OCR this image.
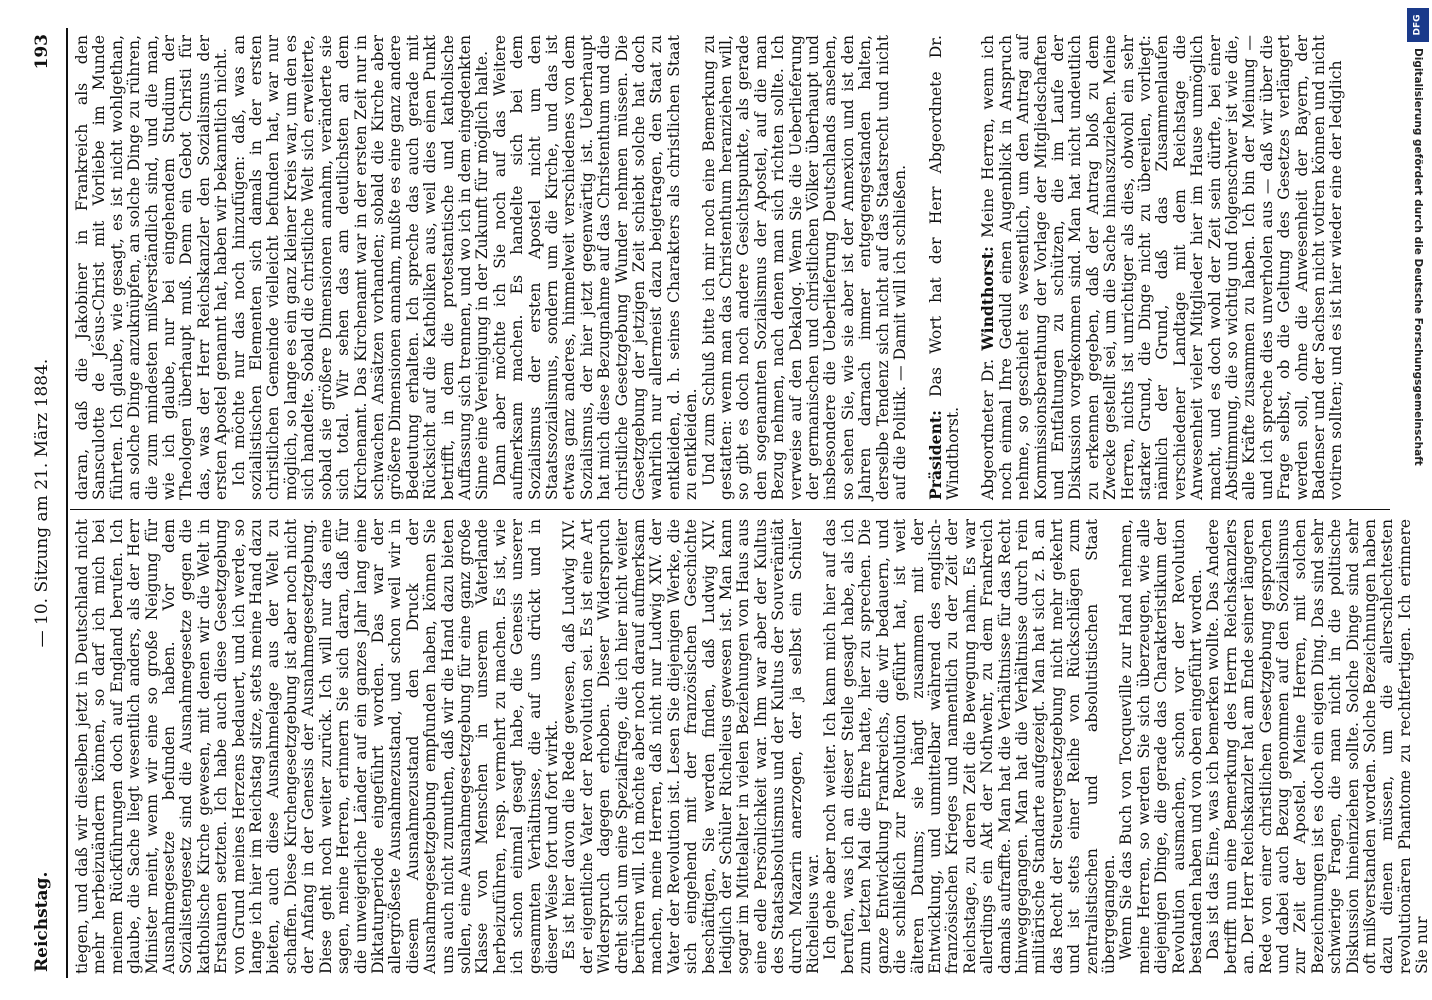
Reichstag.
— 10. Sitzung am 21. März 1884.
193

tiegen, und daß wir dieselben jetzt in Deutschland nicht mehr herbeizuändern können, so darf ich mich bei meinem Rückführungen doch auf England berufen. Ich glaube, die Sache liegt wesentlich anders, als der Herr Minister meint, wenn wir eine so große Neigung für Ausnahmegesetze befunden haben. Vor dem Sozialistengesetz sind die Ausnahmegesetze gegen die katholische Kirche gewesen, mit denen wir die Welt in Erstaunen setzten. Ich habe auch diese Gesetzgebung von Grund meines Herzens bedauert, und ich werde, so lange ich hier im Reichstag sitze, stets meine Hand dazu bieten, auch diese Ausnahmelage aus der Welt zu schaffen. Diese Kirchengesetzgebung ist aber noch nicht der Anfang in der Genesis der Ausnahmegesetzgebung. Diese geht noch weiter zurück. Ich will nur das eine sagen, meine Herren, erinnern Sie sich daran, daß für die unweigerliche Länder auf ein ganzes Jahr lang eine Diktaturperiode eingeführt worden. Das war der allergrößeste Ausnahmezustand, und schon weil wir in diesem Ausnahmezustand den Druck der Ausnahmegesetzgebung empfunden haben, können Sie uns auch nicht zumuthen, daß wir die Hand dazu bieten sollen, eine Ausnahmegesetzgebung für eine ganz große Klasse von Menschen in unserem Vaterlande herbeizuführen, resp. vermehrt zu machen. Es ist, wie ich schon einmal gesagt habe, die Genesis unserer gesammten Verhältnisse, die auf uns drückt und in dieser Weise fort und fort wirkt. Es ist hier davon die Rede gewesen, daß Ludwig XIV. der eigentliche Vater der Revolution sei. Es ist eine Art Widerspruch dagegen erhoben. Dieser Widerspruch dreht sich um eine Spezialfrage, die ich hier nicht weiter berühren will. Ich möchte aber noch darauf aufmerksam machen, meine Herren, daß nicht nur Ludwig XIV. der Vater der Revolution ist. Lesen Sie diejenigen Werke, die sich eingehend mit der französischen Geschichte beschäftigen, Sie werden finden, daß Ludwig XIV. lediglich der Schüler Richelieus gewesen ist. Man kann sogar im Mittelalter in vielen Beziehungen von Haus aus eine edle Persönlichkeit war. Ihm war aber der Kultus des Staatsabsolutismus und der Kultus der Souveränität durch Mazarin anerzogen, der ja selbst ein Schüler Richelieus war. Ich gehe aber noch weiter. Ich kann mich hier auf das berufen, was ich an dieser Stelle gesagt habe, als ich zum letzten Mal die Ehre hatte, hier zu sprechen. Die ganze Entwicklung Frankreichs, die wir bedauern, und die schließlich zur Revolution geführt hat, ist weit älteren Datums; sie hängt zusammen mit der Entwicklung, und unmittelbar während des englisch-französischen Krieges und namentlich zu der Zeit der Reichstage, zu deren Zeit die Bewegung nahm. Es war allerdings ein Akt der Nothwehr, zu dem Frankreich damals aufraffte. Man hat die Verhältnisse für das Recht hinweggegangen. Man hat die Verhältnisse durch rein militärische Standarte aufgezeigt. Man hat sich z. B. an das Recht der Steuergesetzgebung nicht mehr gekehrt und ist stets einer Reihe von Rückschlägen zum zentralistischen und absolutistischen Staat übergegangen. Wenn Sie das Buch von Tocqueville zur Hand nehmen, meine Herren, so werden Sie sich überzeugen, wie alle diejenigen Dinge, die gerade das Charakteristikum der Revolution ausmachen, schon vor der Revolution bestanden haben und von oben eingeführt worden. Das ist das Eine, was ich bemerken wollte. Das Andere betrifft nun eine Bemerkung des Herrn Reichskanzlers an. Der Herr Reichskanzler hat am Ende seiner längeren Rede von einer christlichen Gesetzgebung gesprochen und dabei auch Bezug genommen auf den Sozialismus zur Zeit der Apostel. Meine Herren, mit solchen Bezeichnungen ist es doch ein eigen Ding. Das sind sehr schwierige Fragen, die man nicht in die politische Diskussion hineinziehen sollte. Solche Dinge sind sehr oft mißverstanden worden. Solche Bezeichnungen haben dazu dienen müssen, um die allerschlechtesten revolutionären Phantome zu rechtfertigen. Ich erinnere Sie nur

daran, daß die Jakobiner in Frankreich als den Sansculotte de Jésus-Christ mit Vorliebe im Munde führten. Ich glaube, wie gesagt, es ist nicht wohlgethan, an solche Dinge anzuknüpfen, an solche Dinge zu rühren, die zum mindesten mißverständlich sind, und die man, wie ich glaube, nur bei eingehendem Studium der Theologen überhaupt muß. Denn ein Gebot Christi für das, was der Herr Reichskanzler den Sozialismus der ersten Apostel genannt hat, haben wir bekanntlich nicht. Ich möchte nur das noch hinzufügen: daß, was an sozialistischen Elementen sich damals in der ersten christlichen Gemeinde vielleicht befunden hat, war nur möglich, so lange es ein ganz kleiner Kreis war, um den es sich handelte. Sobald die christliche Welt sich erweiterte, sobald sie größere Dimensionen annahm, veränderte sie sich total. Wir sehen das am deutlichsten an dem Kirchenamt. Das Kirchenamt war in der ersten Zeit nur in schwachen Ansätzen vorhanden; sobald die Kirche aber größere Dimensionen annahm, mußte es eine ganz andere Bedeutung erhalten. Ich spreche das auch gerade mit Rücksicht auf die Katholiken aus, weil dies einen Punkt betrifft, in dem die protestantische und katholische Auffassung sich trennen, und wo ich in dem eingedenkten Sinne eine Vereinigung in der Zukunft für möglich halte. Dann aber möchte ich Sie noch auf das Weitere aufmerksam machen. Es handelte sich bei dem Sozialismus der ersten Apostel nicht um den Staatssozialismus, sondern um die Kirche, und das ist etwas ganz anderes, himmelweit verschiedenes von dem Sozialismus, der hier jetzt gegenwärtig ist. Ueberhaupt hat mich diese Bezugnahme auf das Christenthum und die christliche Gesetzgebung Wunder nehmen müssen. Die Gesetzgebung der jetzigen Zeit schiebt solche hat doch wahrlich nur allermeist dazu beigetragen, den Staat zu entkleiden, d. h. seines Charakters als christlichen Staat zu entkleiden. Und zum Schluß bitte ich mir noch eine Bemerkung zu gestatten: wenn man das Christenthum heranziehen will, so gibt es doch noch andere Gesichtspunkte, als gerade den sogenannten Sozialismus der Apostel, auf die man Bezug nehmen, nach denen man sich richten sollte. Ich verweise auf den Dekalog. Wenn Sie die Ueberlieferung der germanischen und christlichen Völker überhaupt und insbesondere die Ueberlieferung Deutschlands ansehen, so sehen Sie, wie sie aber ist der Annexion und ist den Jahren darnach immer entgegengestanden halten, derselbe Tendenz sich nicht auf das Staatsrecht und nicht auf die Politik. — Damit will ich schließen. Präsident: Das Wort hat der Herr Abgeordnete Dr. Windthorst. Abgeordneter Dr. Windthorst: Meine Herren, wenn ich noch einmal Ihre Geduld einen Augenblick in Anspruch nehme, so geschieht es wesentlich, um den Antrag auf Kommissionsberathung der Vorlage der Mitgliedschaften und Entfaltungen zu schützen, die im Laufe der Diskussion vorgekommen sind. Man hat nicht undeutlich zu erkennen gegeben, daß der Antrag bloß zu dem Zwecke gestellt sei, um die Sache hinauszuziehen. Meine Herren, nichts ist unrichtiger als dies, obwohl ein sehr starker Grund, die Dinge nicht zu übereilen, vorliegt: nämlich der Grund, daß das Zusammenlaufen verschiedener Landtage mit dem Reichstage die Anwesenheit vieler Mitglieder hier im Hause unmöglich macht, und es doch wohl der Zeit sein dürfte, bei einer Abstimmung, die so wichtig und folgenschwer ist wie die, alle Kräfte zusammen zu haben. Ich bin der Meinung — und ich spreche dies unverholen aus — daß wir über die Frage selbst, ob die Geltung des Gesetzes verlängert werden soll, ohne die Anwesenheit der Bayern, der Badenser und der Sachsen nicht votiren können und nicht votiren sollten; und es ist hier wieder eine der lediglich

DFG
Digitalisierung gefördert durch die Deutsche Forschungsgemeinschaft
